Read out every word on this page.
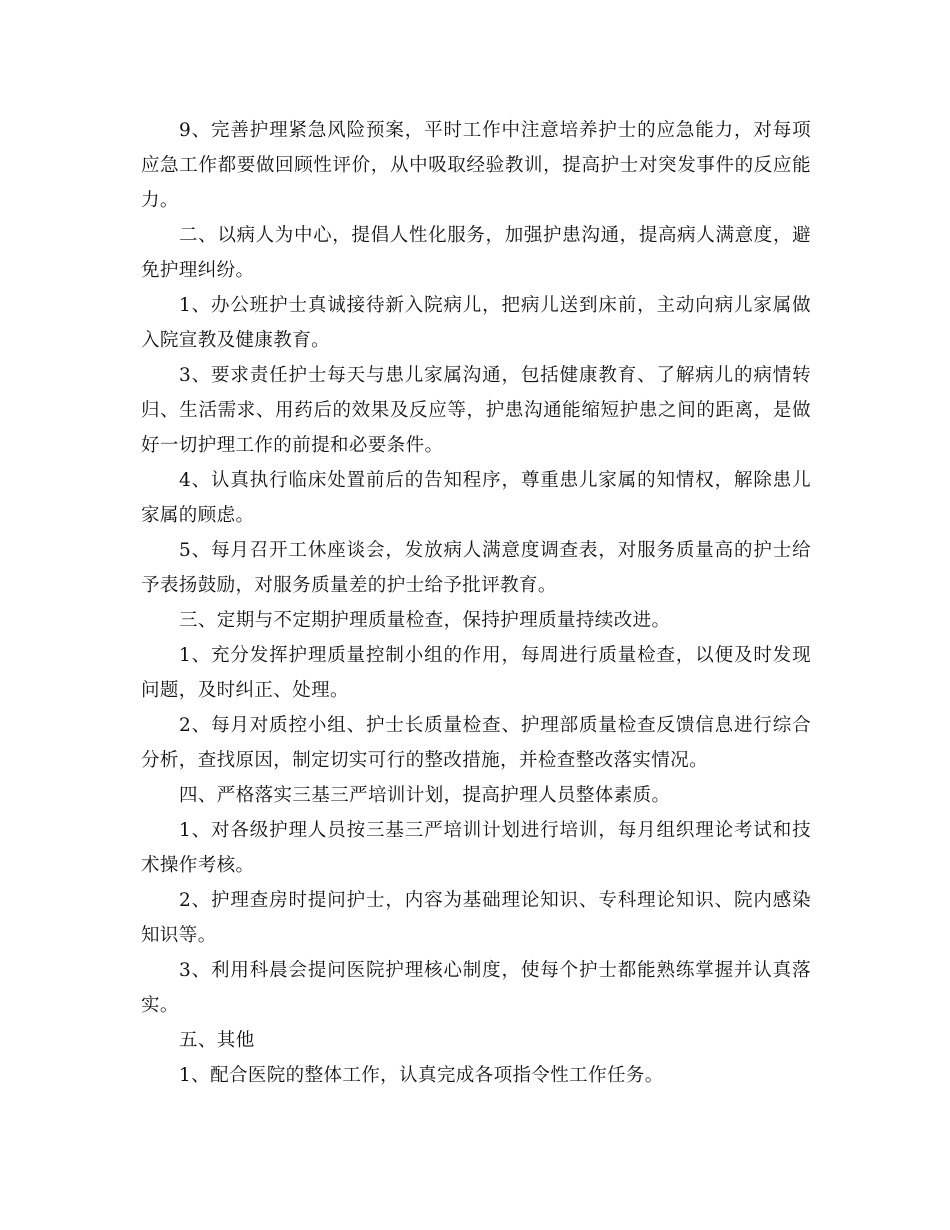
9、完善护理紧急风险预案，平时工作中注意培养护士的应急能力，对每项应急工作都要做回顾性评价，从中吸取经验教训，提高护士对突发事件的反应能力。

二、以病人为中心，提倡人性化服务，加强护患沟通，提高病人满意度，避免护理纠纷。

1、办公班护士真诚接待新入院病儿，把病儿送到床前，主动向病儿家属做入院宣教及健康教育。

3、要求责任护士每天与患儿家属沟通，包括健康教育、了解病儿的病情转归、生活需求、用药后的效果及反应等，护患沟通能缩短护患之间的距离，是做好一切护理工作的前提和必要条件。

4、认真执行临床处置前后的告知程序，尊重患儿家属的知情权，解除患儿家属的顾虑。

5、每月召开工休座谈会，发放病人满意度调查表，对服务质量高的护士给予表扬鼓励，对服务质量差的护士给予批评教育。

三、定期与不定期护理质量检查，保持护理质量持续改进。

1、充分发挥护理质量控制小组的作用，每周进行质量检查，以便及时发现问题，及时纠正、处理。

2、每月对质控小组、护士长质量检查、护理部质量检查反馈信息进行综合分析，查找原因，制定切实可行的整改措施，并检查整改落实情况。

四、严格落实三基三严培训计划，提高护理人员整体素质。

1、对各级护理人员按三基三严培训计划进行培训，每月组织理论考试和技术操作考核。

2、护理查房时提问护士，内容为基础理论知识、专科理论知识、院内感染知识等。

3、利用科晨会提问医院护理核心制度，使每个护士都能熟练掌握并认真落实。

五、其他

1、配合医院的整体工作，认真完成各项指令性工作任务。
